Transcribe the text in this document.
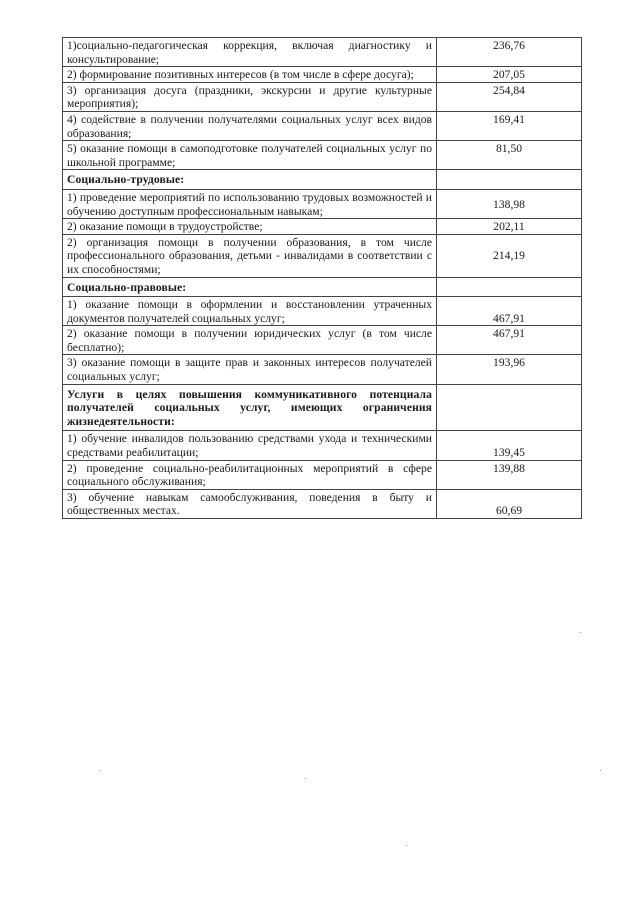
1)социально-педагогическая коррекция, включая диагностику и консультирование;	236,76
2) формирование позитивных интересов (в том числе в сфере досуга);	207,05
3) организация досуга (праздники, экскурсии и другие культурные мероприятия);	254,84
4) содействие в получении получателями социальных услуг всех видов образования;	169,41
5) оказание помощи в самоподготовке получателей социальных услуг по школьной программе;	81,50
Социально-трудовые:	
1) проведение мероприятий по использованию трудовых возможностей и обучению доступным профессиональным навыкам;	138,98
2) оказание помощи в трудоустройстве;	202,11
2) организация помощи в получении образования, в том числе профессионального образования, детьми - инвалидами в соответствии с их способностями;	214,19
Социально-правовые:	
1) оказание помощи в оформлении и восстановлении утраченных документов получателей социальных услуг;	467,91
2) оказание помощи в получении юридических услуг (в том числе бесплатно);	467,91
3) оказание помощи в защите прав и законных интересов получателей социальных услуг;	193,96
Услуги в целях повышения коммуникативного потенциала получателей социальных услуг, имеющих ограничения жизнедеятельности:	
1) обучение инвалидов пользованию средствами ухода и техническими средствами реабилитации;	139,45
2) проведение социально-реабилитационных мероприятий в сфере социального обслуживания;	139,88
3) обучение навыкам самообслуживания, поведения в быту и общественных местах.	60,69
